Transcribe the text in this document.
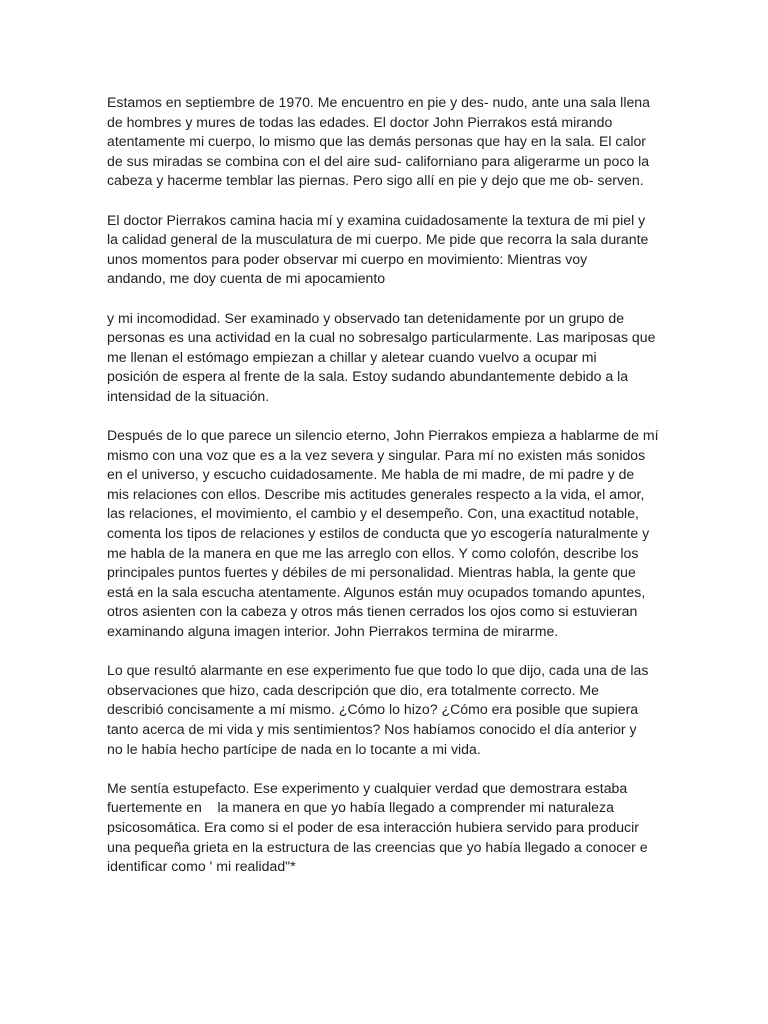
Estamos en septiembre de 1970. Me encuentro en pie y des- nudo, ante una sala llena
de hombres y mures de todas las edades. El doctor John Pierrakos está mirando
atentamente mi cuerpo, lo mismo que las demás personas que hay en la sala. El calor
de sus miradas se combina con el del aire sud- californiano para aligerarme un poco la
cabeza y hacerme temblar las piernas. Pero sigo allí en pie y dejo que me ob- serven.

El doctor Pierrakos camina hacia mí y examina cuidadosamente la textura de mi piel y
la calidad general de la musculatura de mi cuerpo. Me pide que recorra la sala durante
unos momentos para poder observar mi cuerpo en movimiento: Mientras voy
andando, me doy cuenta de mi apocamiento

y mi incomodidad. Ser examinado y observado tan detenidamente por un grupo de
personas es una actividad en la cual no sobresalgo particularmente. Las mariposas que
me llenan el estómago empiezan a chillar y aletear cuando vuelvo a ocupar mi
posición de espera al frente de la sala. Estoy sudando abundantemente debido a la
intensidad de la situación.

Después de lo que parece un silencio eterno, John Pierrakos empieza a hablarme de mí
mismo con una voz que es a la vez severa y singular. Para mí no existen más sonidos
en el universo, y escucho cuidadosamente. Me habla de mi madre, de mi padre y de
mis relaciones con ellos. Describe mis actitudes generales respecto a la vida, el amor,
las relaciones, el movimiento, el cambio y el desempeño. Con, una exactitud notable,
comenta los tipos de relaciones y estilos de conducta que yo escogería naturalmente y
me habla de la manera en que me las arreglo con ellos. Y como colofón, describe los
principales puntos fuertes y débiles de mi personalidad. Mientras habla, la gente que
está en la sala escucha atentamente. Algunos están muy ocupados tomando apuntes,
otros asienten con la cabeza y otros más tienen cerrados los ojos como si estuvieran
examinando alguna imagen interior. John Pierrakos termina de mirarme.

Lo que resultó alarmante en ese experimento fue que todo lo que dijo, cada una de las
observaciones que hizo, cada descripción que dio, era totalmente correcto. Me
describió concisamente a mí mismo. ¿Cómo lo hizo? ¿Cómo era posible que supiera
tanto acerca de mi vida y mis sentimientos? Nos habíamos conocido el día anterior y
no le había hecho partícipe de nada en lo tocante a mi vida.

Me sentía estupefacto. Ese experimento y cualquier verdad que demostrara estaba
fuertemente en    la manera en que yo había llegado a comprender mi naturaleza
psicosomática. Era como si el poder de esa interacción hubiera servido para producir
una pequeña grieta en la estructura de las creencias que yo había llegado a conocer e
identificar como ' mi realidad"*
